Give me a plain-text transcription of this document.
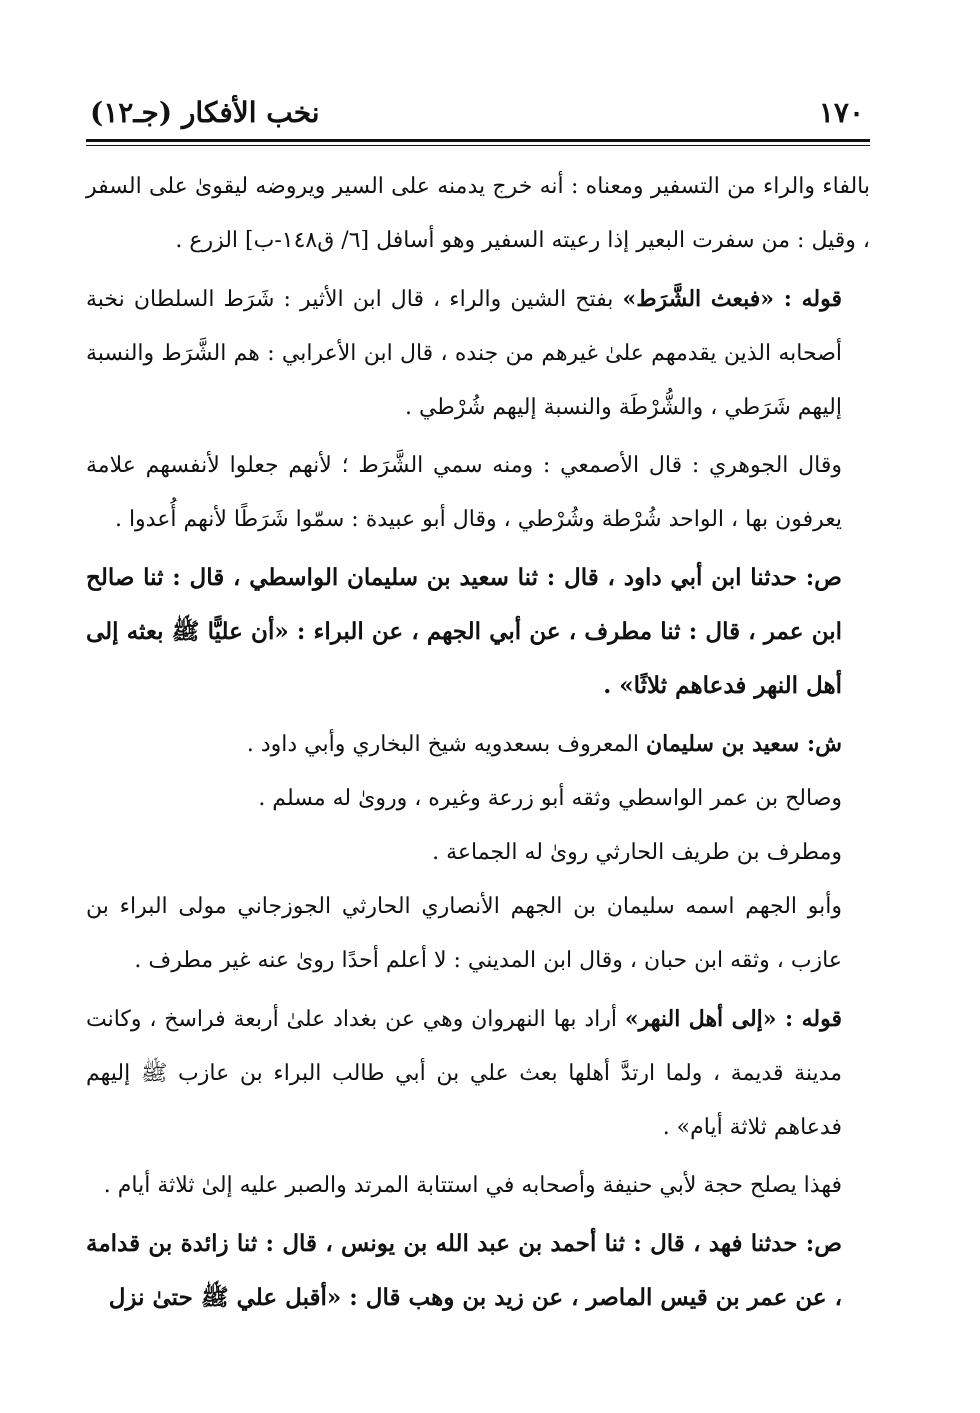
نخب الأفكار (جـ١٢)	١٧٠

بالفاء والراء من التسفير ومعناه : أنه خرج يدمنه على السير ويروضه ليقوىٰ على السفر ، وقيل : من سفرت البعير إذا رعيته السفير وهو أسافل [٦/ ق١٤٨-ب] الزرع .

قوله : «فبعث الشَّرَط» بفتح الشين والراء ، قال ابن الأثير : شَرَط السلطان نخبة أصحابه الذين يقدمهم علىٰ غيرهم من جنده ، قال ابن الأعرابي : هم الشَّرَط والنسبة إليهم شَرَطي ، والشُّرْطَة والنسبة إليهم شُرْطي .

وقال الجوهري : قال الأصمعي : ومنه سمي الشَّرَط ؛ لأنهم جعلوا لأنفسهم علامة يعرفون بها ، الواحد شُرْطة وشُرْطي ، وقال أبو عبيدة : سمّوا شَرَطًا لأنهم أُعدوا .

ص: حدثنا ابن أبي داود ، قال : ثنا سعيد بن سليمان الواسطي ، قال : ثنا صالح ابن عمر ، قال : ثنا مطرف ، عن أبي الجهم ، عن البراء : «أن عليًّا ﷺ بعثه إلى أهل النهر فدعاهم ثلاثًا» .

ش: سعيد بن سليمان المعروف بسعدويه شيخ البخاري وأبي داود .

وصالح بن عمر الواسطي وثقه أبو زرعة وغيره ، وروىٰ له مسلم .

ومطرف بن طريف الحارثي روىٰ له الجماعة .

وأبو الجهم اسمه سليمان بن الجهم الأنصاري الحارثي الجوزجاني مولى البراء بن عازب ، وثقه ابن حبان ، وقال ابن المديني : لا أعلم أحدًا روىٰ عنه غير مطرف .

قوله : «إلى أهل النهر» أراد بها النهروان وهي عن بغداد علىٰ أربعة فراسخ ، وكانت مدينة قديمة ، ولما ارتدَّ أهلها بعث علي بن أبي طالب البراء بن عازب ﷺ إليهم فدعاهم ثلاثة أيام» .

فهذا يصلح حجة لأبي حنيفة وأصحابه في استتابة المرتد والصبر عليه إلىٰ ثلاثة أيام .

ص: حدثنا فهد ، قال : ثنا أحمد بن عبد الله بن يونس ، قال : ثنا زائدة بن قدامة ، عن عمر بن قيس الماصر ، عن زيد بن وهب قال : «أقبل علي ﷺ حتىٰ نزل
